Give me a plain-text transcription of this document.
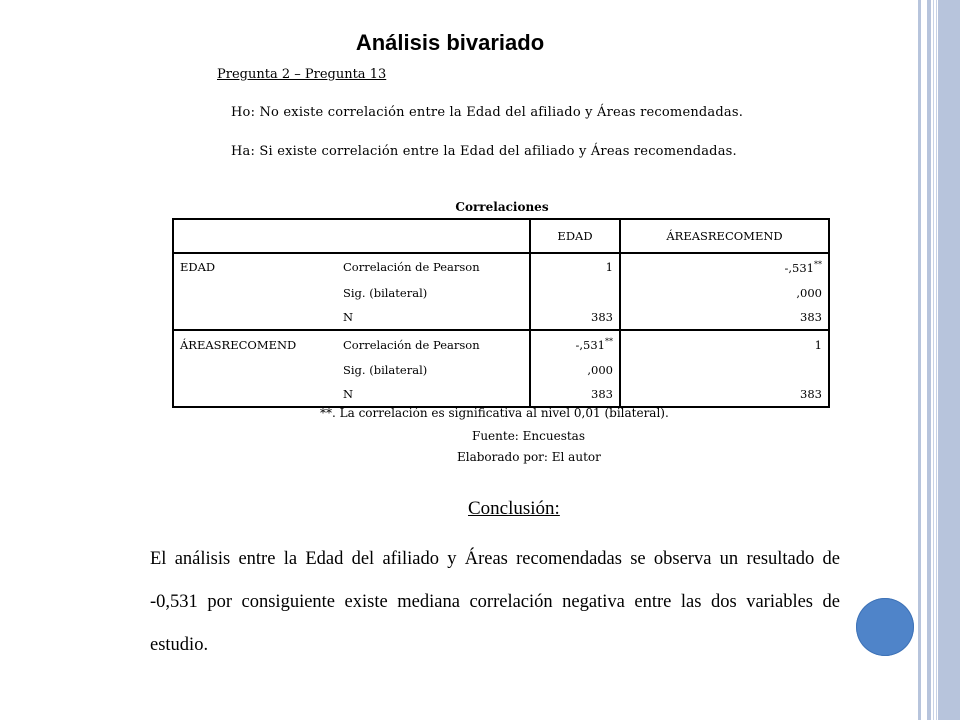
Análisis bivariado
Pregunta 2 – Pregunta 13
Ho: No existe correlación entre la Edad del afiliado y Áreas recomendadas.
Ha: Si existe correlación entre la Edad del afiliado y Áreas recomendadas.
Correlaciones
		EDAD	ÁREASRECOMEND
EDAD	Correlación de Pearson	1	-,531**
	Sig. (bilateral)		,000
	N	383	383
ÁREASRECOMEND	Correlación de Pearson	-,531**	1
	Sig. (bilateral)	,000	
	N	383	383
**. La correlación es significativa al nivel 0,01 (bilateral).
Fuente: Encuestas
Elaborado por: El autor
Conclusión:
El análisis entre la Edad del afiliado y Áreas recomendadas se observa un resultado de -0,531 por consiguiente existe mediana correlación negativa entre las dos variables de estudio.
